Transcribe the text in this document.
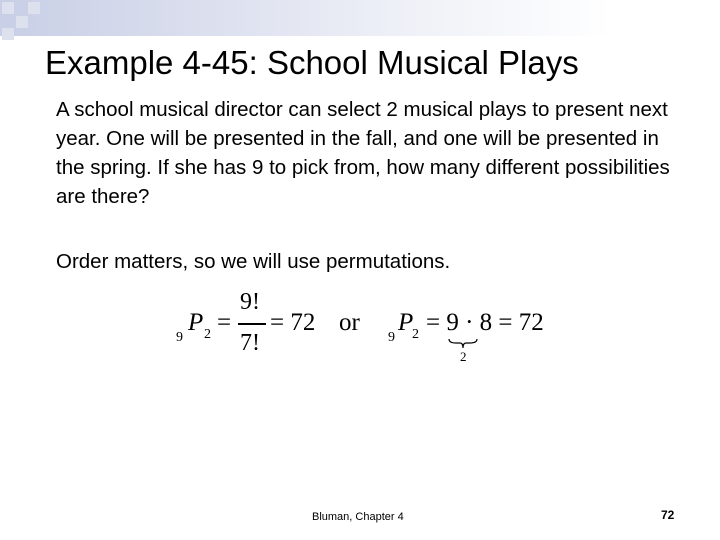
Example 4-45: School Musical Plays
A school musical director can select 2 musical plays to present next year. One will be presented in the fall, and one will be presented in the spring. If she has 9 to pick from, how many different possibilities are there?
Order matters, so we will use permutations.
9
P 2 =
9!
7!
= 72 or
9
P
2 = 9 · 8 = 72
2
Bluman, Chapter 4	72
